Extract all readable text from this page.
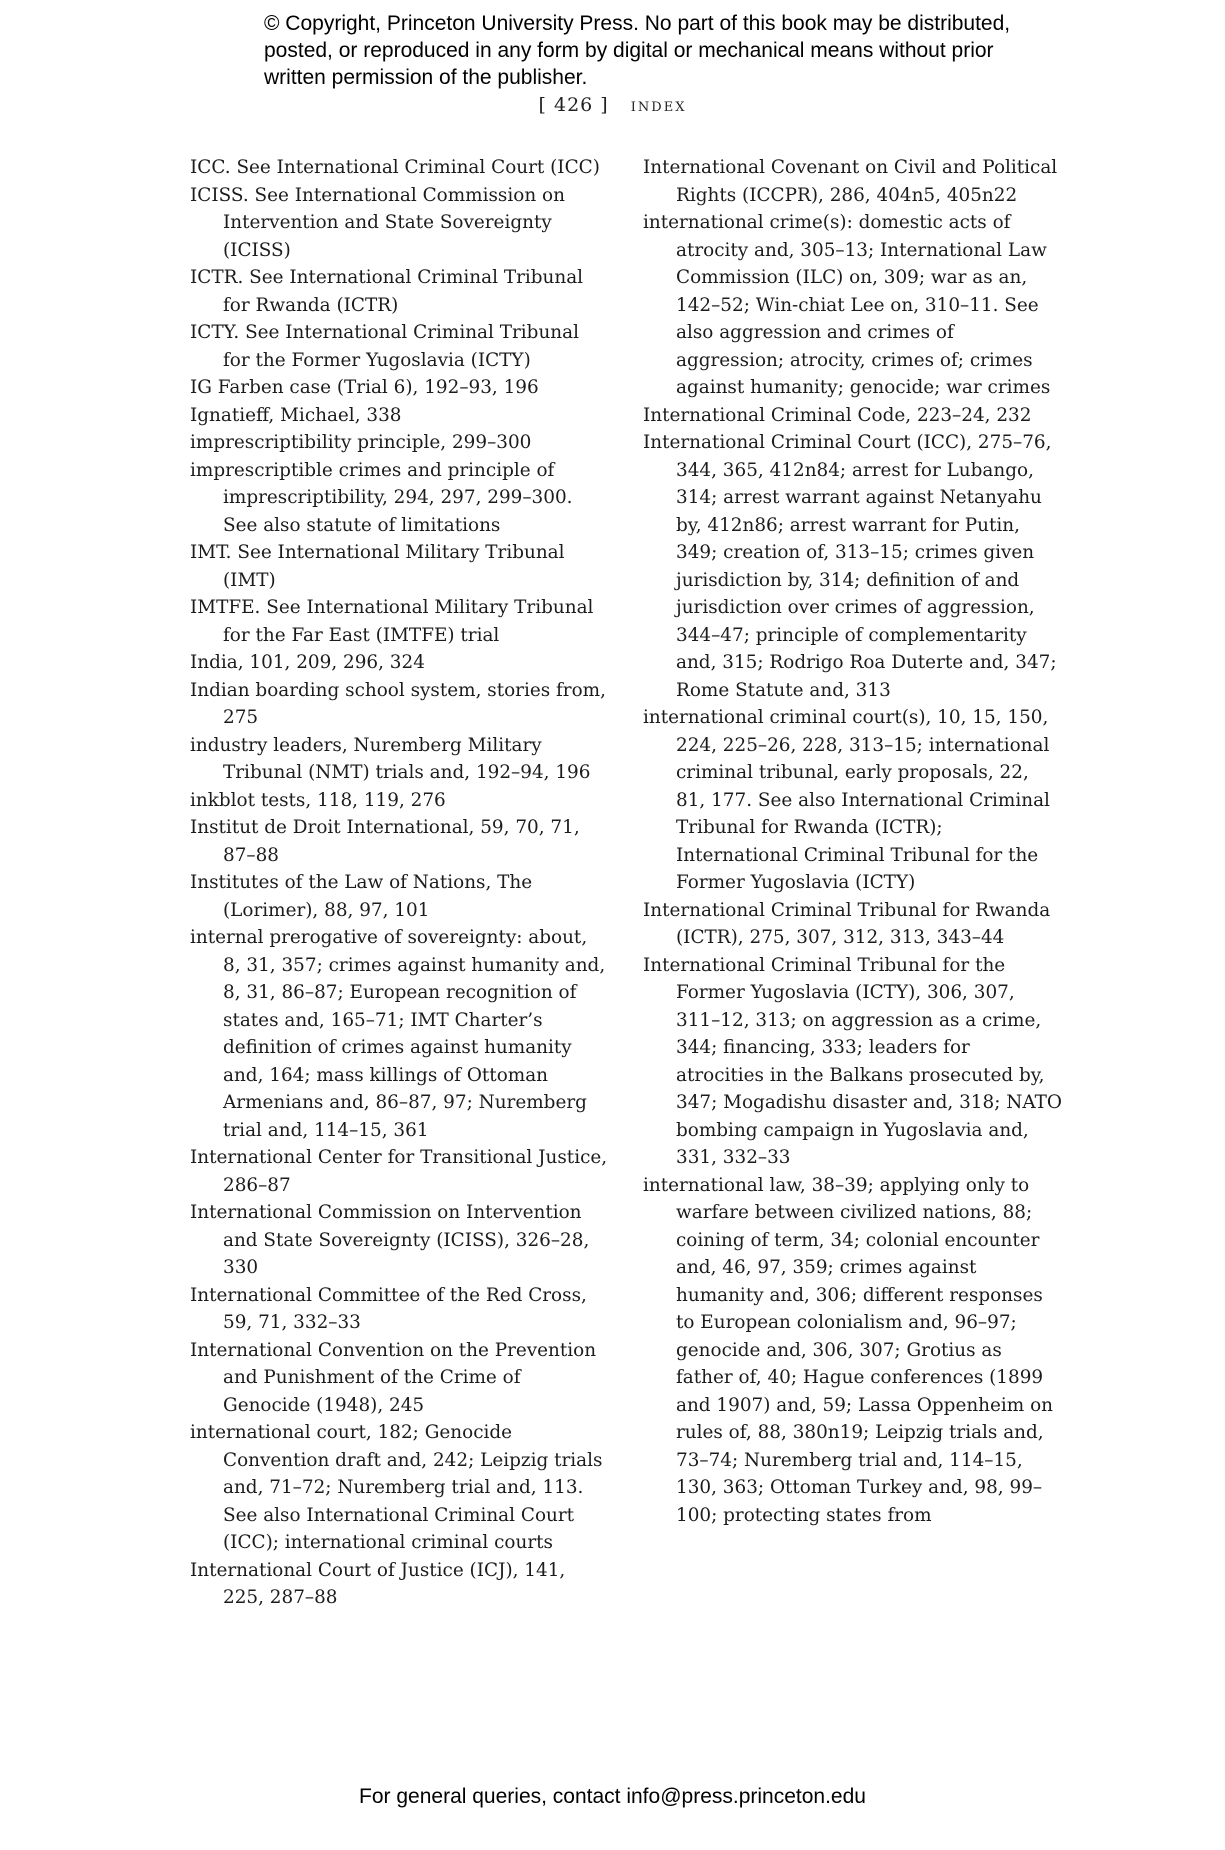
© Copyright, Princeton University Press. No part of this book may be distributed, posted, or reproduced in any form by digital or mechanical means without prior written permission of the publisher.
[ 426 ] index

ICC. See International Criminal Court (ICC)

ICISS. See International Commission on Intervention and State Sovereignty (ICISS)

ICTR. See International Criminal Tribunal for Rwanda (ICTR)

ICTY. See International Criminal Tribunal for the Former Yugoslavia (ICTY)

IG Farben case (Trial 6), 192–93, 196

Ignatieff, Michael, 338

imprescriptibility principle, 299–300

imprescriptible crimes and principle of imprescriptibility, 294, 297, 299–300. See also statute of limitations

IMT. See International Military Tribunal (IMT)

IMTFE. See International Military Tribunal for the Far East (IMTFE) trial

India, 101, 209, 296, 324

Indian boarding school system, stories from, 275

industry leaders, Nuremberg Military Tribunal (NMT) trials and, 192–94, 196

inkblot tests, 118, 119, 276

Institut de Droit International, 59, 70, 71, 87–88

Institutes of the Law of Nations, The (Lorimer), 88, 97, 101

internal prerogative of sovereignty: about, 8, 31, 357; crimes against humanity and, 8, 31, 86–87; European recognition of states and, 165–71; IMT Charter’s definition of crimes against humanity and, 164; mass killings of Ottoman Armenians and, 86–87, 97; Nuremberg trial and, 114–15, 361

International Center for Transitional Justice, 286–87

International Commission on Intervention and State Sovereignty (ICISS), 326–28, 330

International Committee of the Red Cross, 59, 71, 332–33

International Convention on the Prevention and Punishment of the Crime of Genocide (1948), 245

international court, 182; Genocide Convention draft and, 242; Leipzig trials and, 71–72; Nuremberg trial and, 113. See also International Criminal Court (ICC); international criminal courts

International Court of Justice (ICJ), 141, 225, 287–88

International Covenant on Civil and Political Rights (ICCPR), 286, 404n5, 405n22

international crime(s): domestic acts of atrocity and, 305–13; International Law Commission (ILC) on, 309; war as an, 142–52; Win-chiat Lee on, 310–11. See also aggression and crimes of aggression; atrocity, crimes of; crimes against humanity; genocide; war crimes

International Criminal Code, 223–24, 232

International Criminal Court (ICC), 275–76, 344, 365, 412n84; arrest for Lubango, 314; arrest warrant against Netanyahu by, 412n86; arrest warrant for Putin, 349; creation of, 313–15; crimes given jurisdiction by, 314; definition of and jurisdiction over crimes of aggression, 344–47; principle of complementarity and, 315; Rodrigo Roa Duterte and, 347; Rome Statute and, 313

international criminal court(s), 10, 15, 150, 224, 225–26, 228, 313–15; international criminal tribunal, early proposals, 22, 81, 177. See also International Criminal Tribunal for Rwanda (ICTR); International Criminal Tribunal for the Former Yugoslavia (ICTY)

International Criminal Tribunal for Rwanda (ICTR), 275, 307, 312, 313, 343–44

International Criminal Tribunal for the Former Yugoslavia (ICTY), 306, 307, 311–12, 313; on aggression as a crime, 344; financing, 333; leaders for atrocities in the Balkans prosecuted by, 347; Mogadishu disaster and, 318; NATO bombing campaign in Yugoslavia and, 331, 332–33

international law, 38–39; applying only to warfare between civilized nations, 88; coining of term, 34; colonial encounter and, 46, 97, 359; crimes against humanity and, 306; different responses to European colonialism and, 96–97; genocide and, 306, 307; Grotius as father of, 40; Hague conferences (1899 and 1907) and, 59; Lassa Oppenheim on rules of, 88, 380n19; Leipzig trials and, 73–74; Nuremberg trial and, 114–15, 130, 363; Ottoman Turkey and, 98, 99–100; protecting states from

For general queries, contact info@press.princeton.edu
